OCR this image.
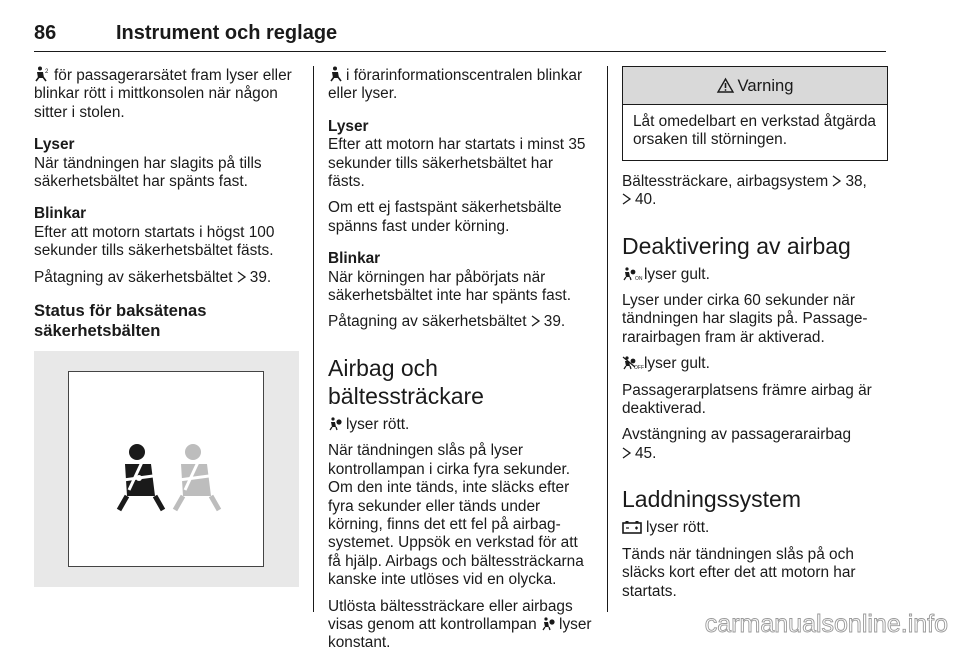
86	Instrument och reglage

2 för passagerarsätet fram lyser eller blinkar rött i mittkonsolen när någon sitter i stolen.

Lyser

När tändningen har slagits på tills säkerhetsbältet har spänts fast.

Blinkar

Efter att motorn startats i högst 100 sekunder tills säkerhetsbältet fästs.

Påtagning av säkerhetsbältet 39.

Status för baksätenas säkerhetsbälten

i förarinformationscentralen blinkar eller lyser.

Lyser

Efter att motorn har startats i minst 35 sekunder tills säkerhetsbältet har fästs.

Om ett ej fastspänt säkerhetsbälte spänns fast under körning.

Blinkar

När körningen har påbörjats när säkerhetsbältet inte har spänts fast.

Påtagning av säkerhetsbältet 39.

Airbag och bältessträckare

lyser rött.

När tändningen slås på lyser kontrollampan i cirka fyra sekunder. Om den inte tänds, inte släcks efter fyra sekunder eller tänds under körning, finns det ett fel på airbag-systemet. Uppsök en verkstad för att få hjälp. Airbags och bältessträckarna kanske inte utlöses vid en olycka.

Utlösta bältessträckare eller airbags visas genom att kontrollampan lyser konstant.

Varning

Låt omedelbart en verkstad åtgärda orsaken till störningen.

Bältessträckare, airbagsystem 38,
40.

Deaktivering av airbag

ON lyser gult.

Lyser under cirka 60 sekunder när tändningen har slagits på. Passage-rarairbagen fram är aktiverad.

OFF lyser gult.

Passagerarplatsens främre airbag är deaktiverad.

Avstängning av passagerarairbag
45.

Laddningssystem

lyser rött.

Tänds när tändningen slås på och släcks kort efter det att motorn har startats.

carmanualsonline.info
